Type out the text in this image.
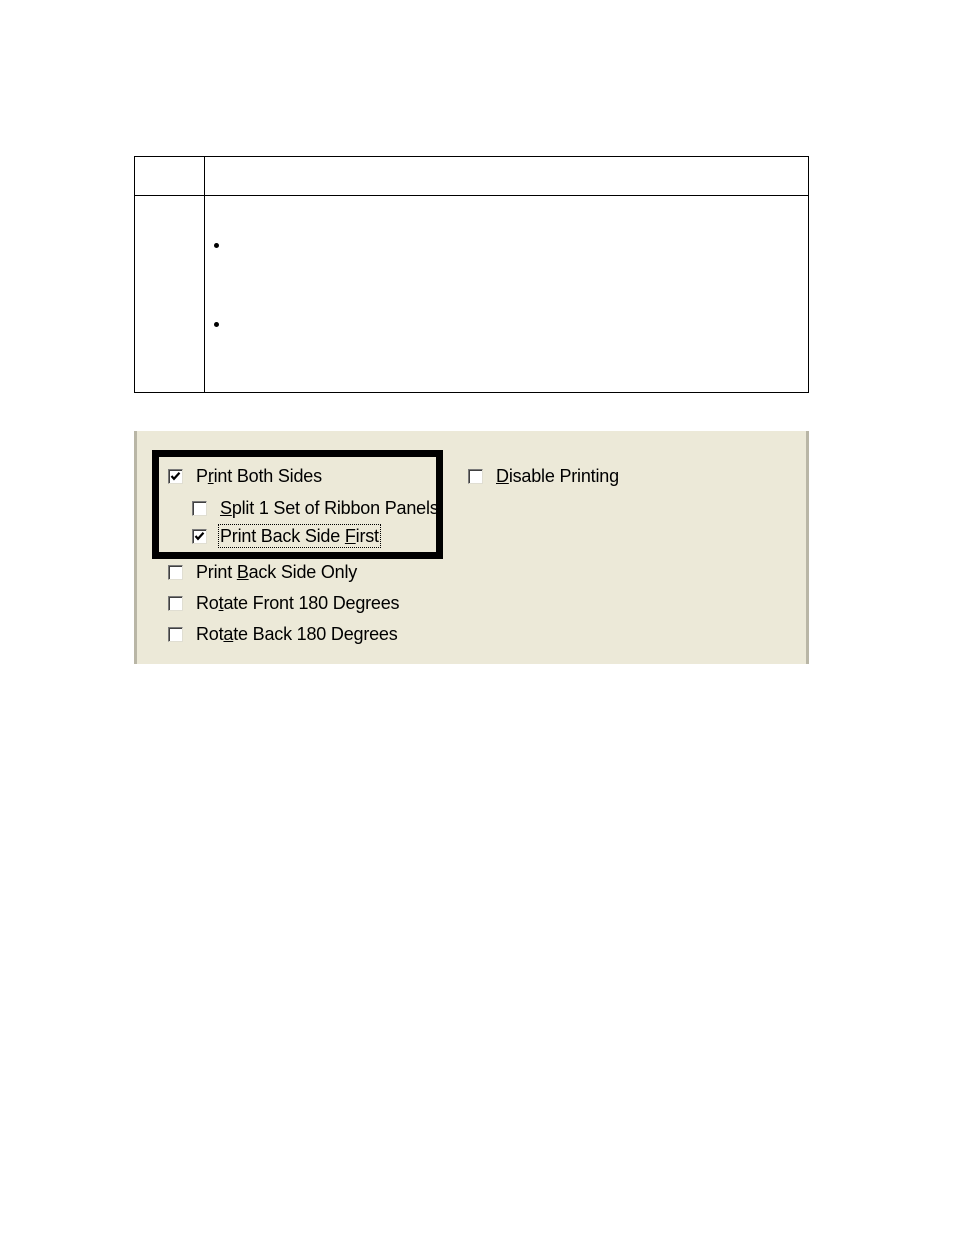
Print Both Sides
Split 1 Set of Ribbon Panels
Print Back Side First
Print Back Side Only
Rotate Front 180 Degrees
Rotate Back 180 Degrees
Disable Printing
